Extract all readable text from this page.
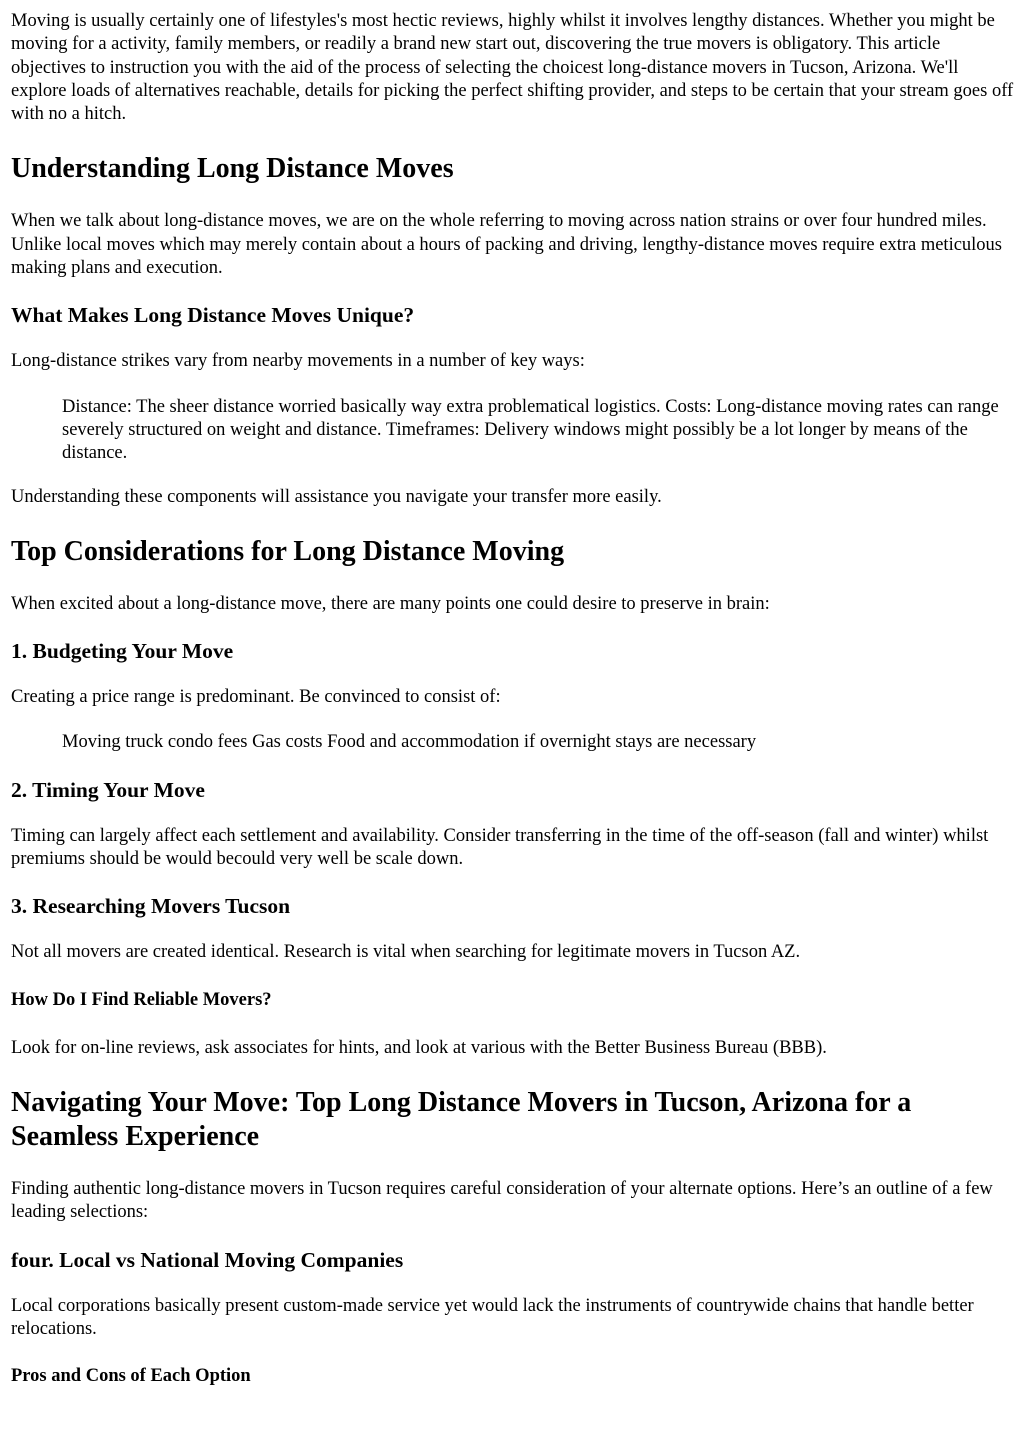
Moving is usually certainly one of lifestyles's most hectic reviews, highly whilst it involves lengthy distances. Whether you might be moving for a activity, family members, or readily a brand new start out, discovering the true movers is obligatory. This article objectives to instruction you with the aid of the process of selecting the choicest long-distance movers in Tucson, Arizona. We'll explore loads of alternatives reachable, details for picking the perfect shifting provider, and steps to be certain that your stream goes off with no a hitch.

Understanding Long Distance Moves

When we talk about long-distance moves, we are on the whole referring to moving across nation strains or over four hundred miles. Unlike local moves which may merely contain about a hours of packing and driving, lengthy-distance moves require extra meticulous making plans and execution.

What Makes Long Distance Moves Unique?

Long-distance strikes vary from nearby movements in a number of key ways:

Distance: The sheer distance worried basically way extra problematical logistics. Costs: Long-distance moving rates can range severely structured on weight and distance. Timeframes: Delivery windows might possibly be a lot longer by means of the distance.

Understanding these components will assistance you navigate your transfer more easily.

Top Considerations for Long Distance Moving

When excited about a long-distance move, there are many points one could desire to preserve in brain:

1. Budgeting Your Move

Creating a price range is predominant. Be convinced to consist of:

Moving truck condo fees Gas costs Food and accommodation if overnight stays are necessary
2. Timing Your Move

Timing can largely affect each settlement and availability. Consider transferring in the time of the off-season (fall and winter) whilst premiums should be would becould very well be scale down.

3. Researching Movers Tucson

Not all movers are created identical. Research is vital when searching for legitimate movers in Tucson AZ.

How Do I Find Reliable Movers?

Look for on-line reviews, ask associates for hints, and look at various with the Better Business Bureau (BBB).

Navigating Your Move: Top Long Distance Movers in Tucson, Arizona for a Seamless Experience

Finding authentic long-distance movers in Tucson requires careful consideration of your alternate options. Here’s an outline of a few leading selections:

four. Local vs National Moving Companies

Local corporations basically present custom-made service yet would lack the instruments of countrywide chains that handle better relocations.

Pros and Cons of Each Option
